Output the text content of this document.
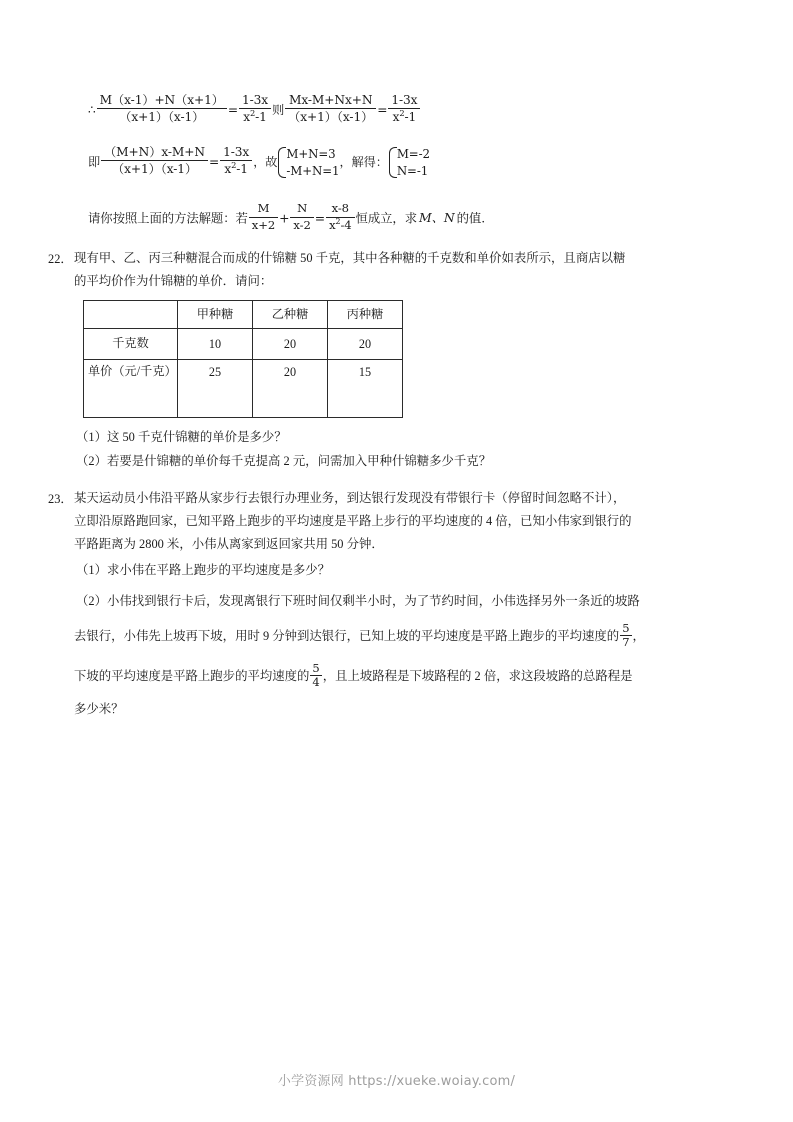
∴ $\frac{M(x-1)+N(x+1)}{(x+1)(x-1)} = \frac{1-3x}{x^2-1}$ 则 $\frac{Mx-M+Nx+N}{(x+1)(x-1)} = \frac{1-3x}{x^2-1}$
即 $\frac{(M+N)x-M+N}{(x+1)(x-1)} = \frac{1-3x}{x^2-1}$ ，故
M+N=3
-M+N=1
，解得：
M=-2
N=-1
请你按照上面的方法解题：若 $\frac{M}{x+2} + \frac{N}{x-2} = \frac{x-8}{x^2-4}$ 恒成立，求 M、N 的值.
22． 现有甲、乙、丙三种糖混合而成的什锦糖 50 千克，其中各种糖的千克数和单价如表所示，且商店以糖
的平均价作为什锦糖的单价．请问：
	甲种糖	乙种糖	丙种糖
千克数	10	20	20
单价（元/千克）	25	20	15
（1）这 50 千克什锦糖的单价是多少？
（2）若要是什锦糖的单价每千克提高 2 元，问需加入甲种什锦糖多少千克？
23． 某天运动员小伟沿平路从家步行去银行办理业务，到达银行发现没有带银行卡（停留时间忽略不计），
立即沿原路跑回家，已知平路上跑步的平均速度是平路上步行的平均速度的 4 倍，已知小伟家到银行的
平路距离为 2800 米，小伟从离家到返回家共用 50 分钟．
（1）求小伟在平路上跑步的平均速度是多少？
（2）小伟找到银行卡后，发现离银行下班时间仅剩半小时，为了节约时间，小伟选择另外一条近的坡路
去银行，小伟先上坡再下坡，用时 9 分钟到达银行，已知上坡的平均速度是平路上跑步的平均速度的 $\frac{5}{7}$ ，
下坡的平均速度是平路上跑步的平均速度的 $\frac{5}{4}$ ，且上坡路程是下坡路程的 2 倍，求这段坡路的总路程是
多少米？
小学资源网 https://xueke.woiay.com/
